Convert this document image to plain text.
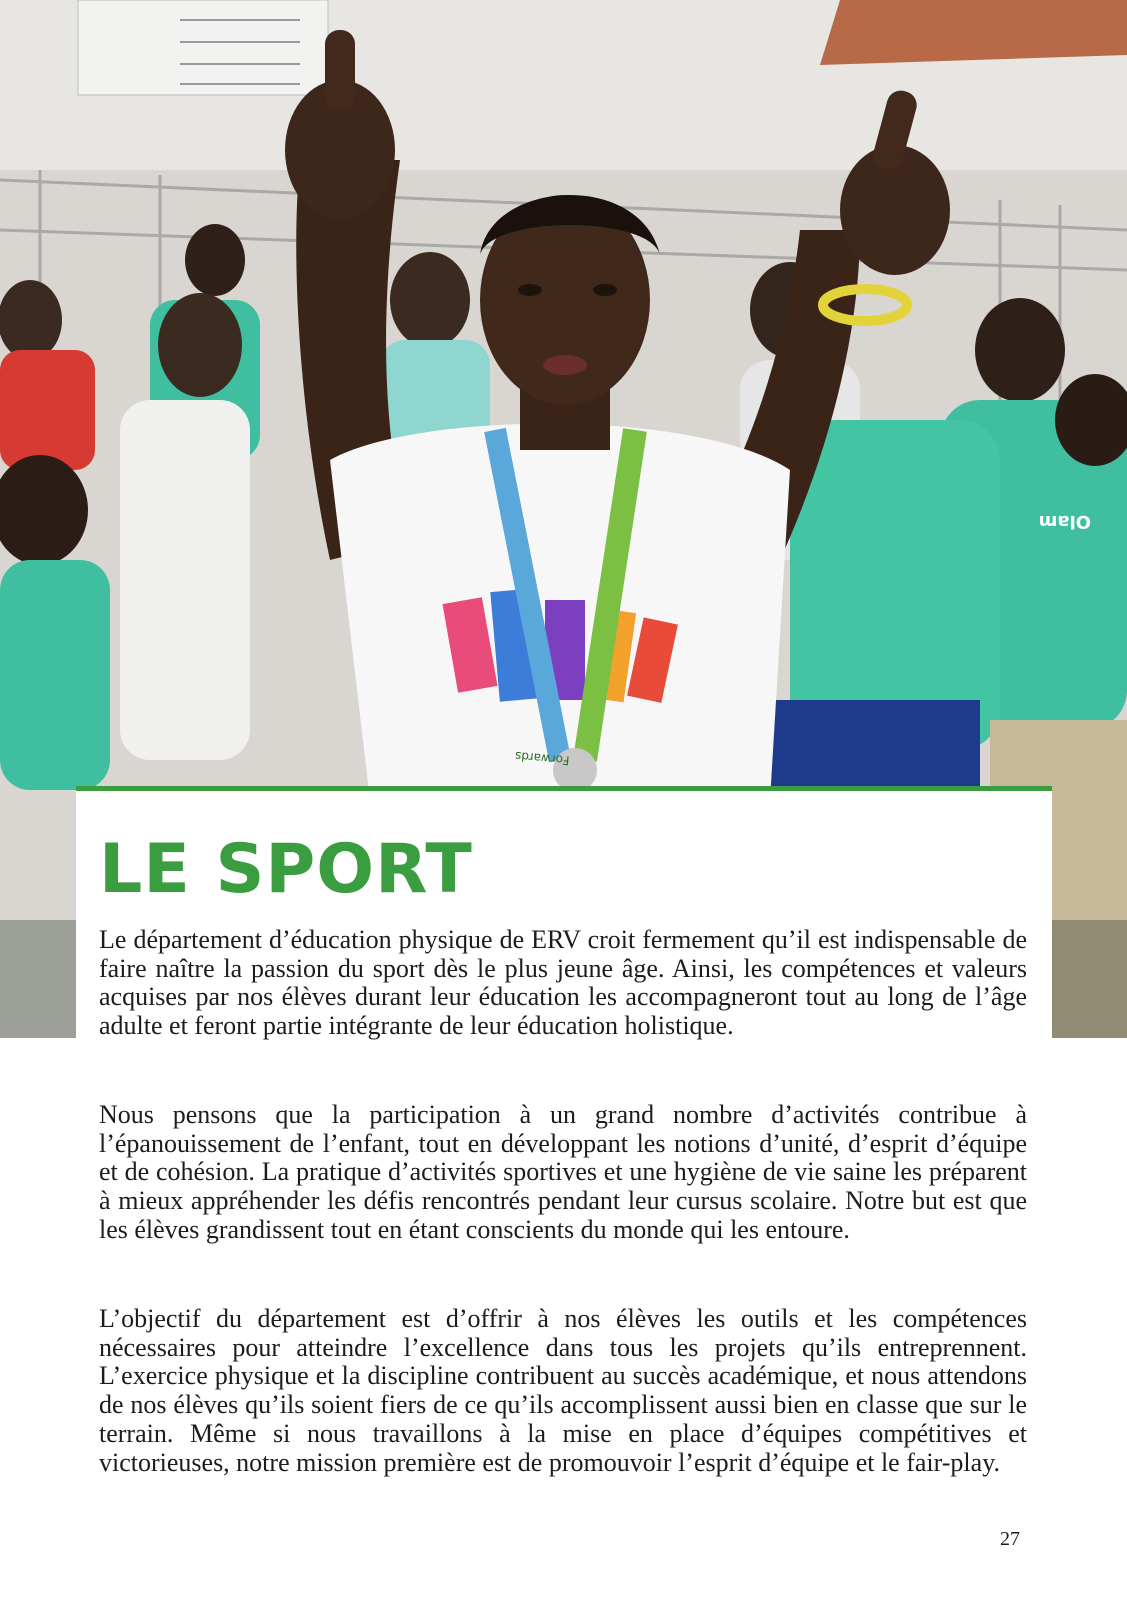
Olam
Forwards
LE SPORT

Le département d’éducation physique de ERV croit fermement qu’il est indispensable de faire naître la passion du sport dès le plus jeune âge. Ainsi, les compétences et valeurs acquises par nos élèves durant leur éducation les accompagneront tout au long de l’âge adulte et feront partie intégrante de leur éducation holistique.

Nous pensons que la participation à un grand nombre d’activités contribue à l’épanouissement de l’enfant, tout en développant les notions d’unité, d’esprit d’équipe et de cohésion. La pratique d’activités sportives et une hygiène de vie saine les préparent à mieux appréhender les défis rencontrés pendant leur cursus scolaire. Notre but est que les élèves grandissent tout en étant conscients du monde qui les entoure.

L’objectif du département est d’offrir à nos élèves les outils et les compétences nécessaires pour atteindre l’excellence dans tous les projets qu’ils entreprennent. L’exercice physique et la discipline contribuent au succès académique, et nous attendons de nos élèves qu’ils soient fiers de ce qu’ils accomplissent aussi bien en classe que sur le terrain. Même si nous travaillons à la mise en place d’équipes compétitives et victorieuses, notre mission première est de promouvoir l’esprit d’équipe et le fair-play.

27
